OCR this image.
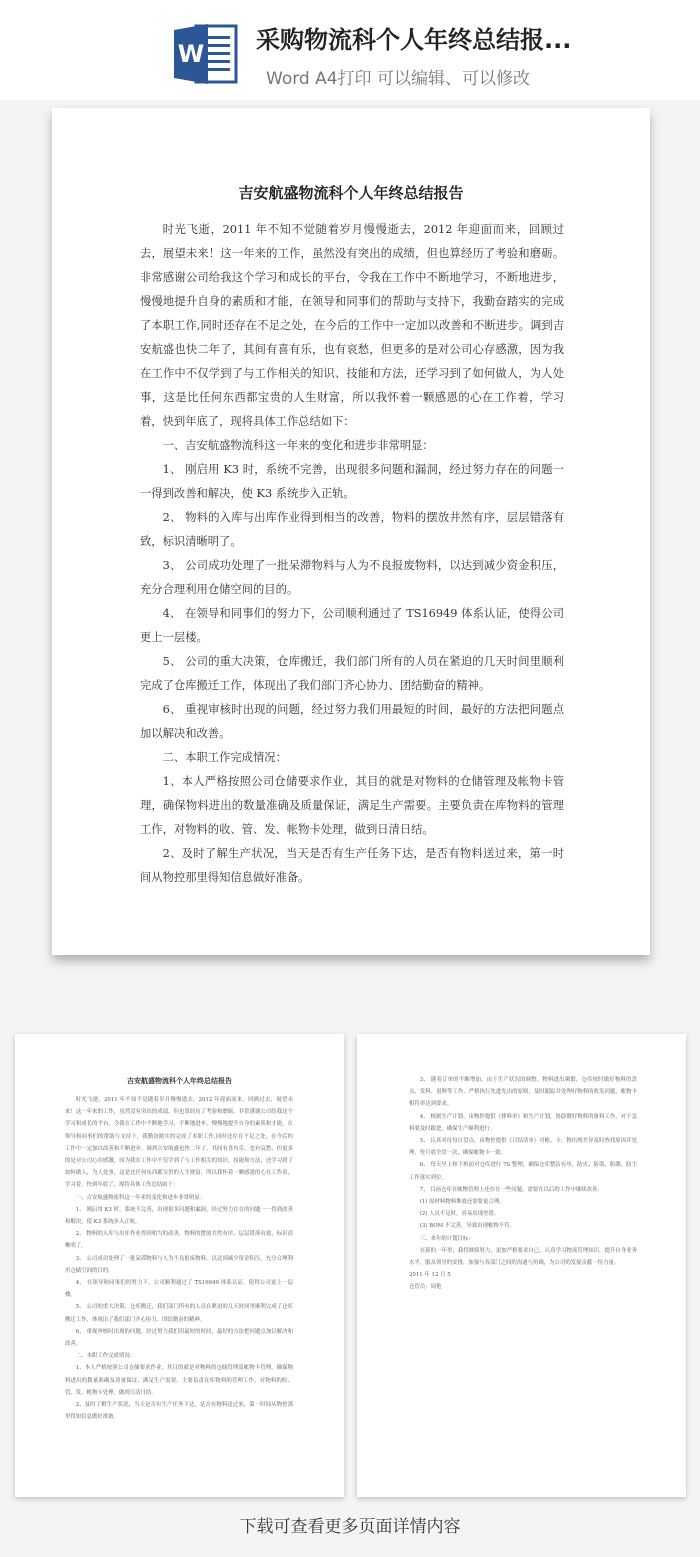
W 采购物流科个人年终总结报...
Word A4打印 可以编辑、可以修改
吉安航盛物流科个人年终总结报告

时光飞逝，2011 年不知不觉随着岁月慢慢逝去，2012 年迎面而来，回顾过去，展望未来！这一年来的工作，虽然没有突出的成绩，但也算经历了考验和磨砺。非常感谢公司给我这个学习和成长的平台，令我在工作中不断地学习，不断地进步，慢慢地提升自身的素质和才能，在领导和同事们的帮助与支持下，我勤奋踏实的完成了本职工作,同时还存在不足之处，在今后的工作中一定加以改善和不断进步。调到吉安航盛也快二年了，其间有喜有乐，也有哀愁，但更多的是对公司心存感激，因为我在工作中不仅学到了与工作相关的知识、技能和方法，还学习到了如何做人，为人处事，这是比任何东西都宝贵的人生财富，所以我怀着一颗感恩的心在工作着，学习着，快到年底了，现将具体工作总结如下：

一、吉安航盛物流科这一年来的变化和进步非常明显：

1、 刚启用 K3 时，系统不完善，出现很多问题和漏洞，经过努力存在的问题一一得到改善和解决，使 K3 系统步入正轨。

2、 物料的入库与出库作业得到相当的改善，物料的摆放井然有序，层层错落有致，标识清晰明了。

3、 公司成功处理了一批呆滞物料与人为不良报废物料，以达到减少资金积压，充分合理利用仓储空间的目的。

4、 在领导和同事们的努力下，公司顺利通过了 TS16949 体系认证，使得公司更上一层楼。

5、 公司的重大决策，仓库搬迁，我们部门所有的人员在紧迫的几天时间里顺利完成了仓库搬迁工作，体现出了我们部门齐心协力、团结勤奋的精神。

6、 重视审核时出现的问题，经过努力我们用最短的时间，最好的方法把问题点加以解决和改善。

二、本职工作完成情况：

1、本人严格按照公司仓储要求作业，其目的就是对物料的仓储管理及帐物卡管理，确保物料进出的数量准确及质量保证，满足生产需要。主要负责在库物料的管理工作，对物料的收、管、发、帐物卡处理，做到日清日结。

2、及时了解生产状况，当天是否有生产任务下达，是否有物料送过来，第一时间从物控那里得知信息做好准备。

吉安航盛物流科个人年终总结报告

时光飞逝，2011 年不知不觉随着岁月慢慢逝去，2012 年迎面而来，回顾过去，展望未来！这一年来的工作，虽然没有突出的成绩，但也算经历了考验和磨砺。非常感谢公司给我这个学习和成长的平台，令我在工作中不断地学习，不断地进步，慢慢地提升自身的素质和才能，在领导和同事们的帮助与支持下，我勤奋踏实的完成了本职工作,同时还存在不足之处，在今后的工作中一定加以改善和不断进步。调到吉安航盛也快二年了，其间有喜有乐，也有哀愁，但更多的是对公司心存感激，因为我在工作中不仅学到了与工作相关的知识、技能和方法，还学习到了如何做人，为人处事，这是比任何东西都宝贵的人生财富，所以我怀着一颗感恩的心在工作着，学习着，快到年底了，现将具体工作总结如下：

一、吉安航盛物流科这一年来的变化和进步非常明显：

1、 刚启用 K3 时，系统不完善，出现很多问题和漏洞，经过努力存在的问题一一得到改善和解决，使 K3 系统步入正轨。

2、 物料的入库与出库作业得到相当的改善，物料的摆放井然有序，层层错落有致，标识清晰明了。

3、 公司成功处理了一批呆滞物料与人为不良报废物料，以达到减少资金积压，充分合理利用仓储空间的目的。

4、 在领导和同事们的努力下，公司顺利通过了 TS16949 体系认证，使得公司更上一层楼。

5、 公司的重大决策，仓库搬迁，我们部门所有的人员在紧迫的几天时间里顺利完成了仓库搬迁工作，体现出了我们部门齐心协力、团结勤奋的精神。

6、 重视审核时出现的问题，经过努力我们用最短的时间，最好的方法把问题点加以解决和改善。

二、本职工作完成情况：

1、本人严格按照公司仓储要求作业，其目的就是对物料的仓储管理及帐物卡管理，确保物料进出的数量准确及质量保证，满足生产需要。主要负责在库物料的管理工作，对物料的收、管、发、帐物卡处理，做到日清日结。

2、及时了解生产状况，当天是否有生产任务下达，是否有物料送过来，第一时间从物控那里得知信息做好准备。

3、 随着订单的不断增加，由于生产状况的调整，物料进出频繁，仓库按时做好物料的盘点、发料、退料等工作，严格执行先进先出的原则，及时跟踪并处理好物料的收发问题，帐物卡相符率达到要求。

4、 根据生产计划，由物控提供《排料单》和生产计划，协助做好物料的备料工作，对于急料要及时跟进，确保生产顺利进行。

5、 认真对待每日盘点，由物控提供《日结清单》对帐，卡、物出现差异及时查找原因并处理，每月底全盘一次，确保帐物卡一致。

6、 每天早上和下班前对仓库进行 7S 整理，确保仓库整洁有序，防火、防盗、防潮、防尘工作落实到位。

7、 目前仓库在帐物管理上还存在一些问题，需要在以后的工作中继续改善：

(1) 原材料物料堆放还需要更合理。

(2) 人员不足时，容易出现差错。

(3) BOM 不完善，导致出现帐物不符。

三、来年的计划目标：

在新的一年里，我将继续努力，更加严格要求自己，认真学习物流管理知识，提升自身业务水平，服从领导的安排，加强与各部门之间的沟通与协调，为公司的发展贡献一份力量。

2011 年 12 月 5

仓管员：周艳

下载可查看更多页面详情内容
